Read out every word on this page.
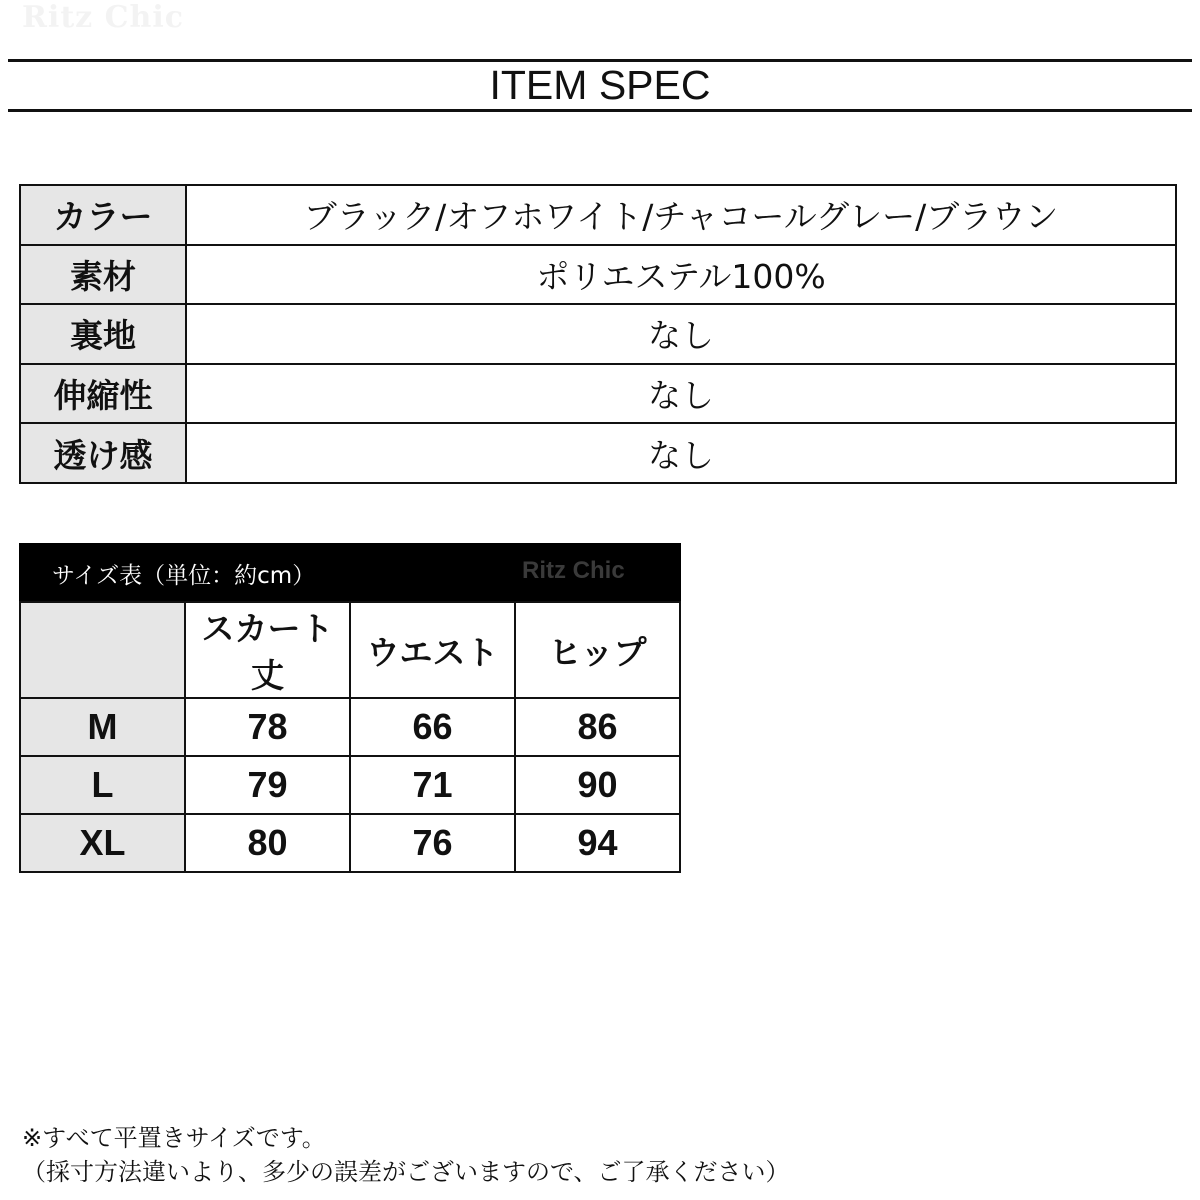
Ritz Chic
ITEM SPEC
カラー	ブラック/オフホワイト/チャコールグレー/ブラウン
素材	ポリエステル100%
裏地	なし
伸縮性	なし
透け感	なし
サイズ表（単位：約cm）	Ritz Chic
	スカート丈	ウエスト	ヒップ
M	78	66	86
L	79	71	90
XL	80	76	94
※すべて平置きサイズです。
（採寸方法違いより、多少の誤差がございますので、ご了承ください）
